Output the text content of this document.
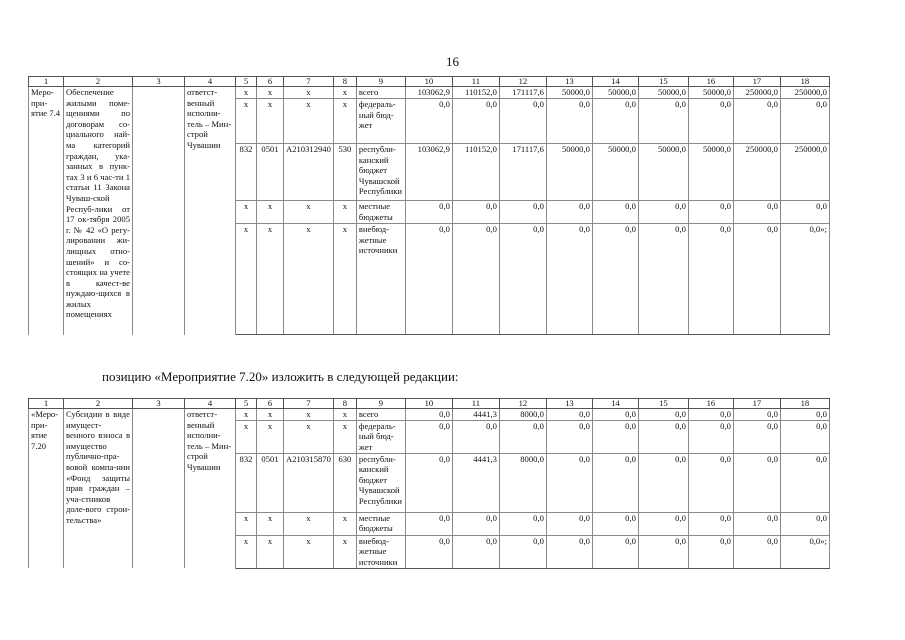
16
1	2	3	4	5	6	7	8	9	10	11	12	13	14	15	16	17	18
Меро-при-ятие 7.4	Обеспечение жилыми поме-щениями по договорам со-циального най-ма категорий граждан, ука-занных в пунк-тах 3 и 6 час-ти 1 статьи 11 Закона Чуваш-ской Респуб-лики от 17 ок-тября 2005 г. № 42 «О регу-лировании жи-лищных отно-шений» и со-стоящих на учете в качест-ве нуждаю-щихся в жилых помещениях		ответст-венный исполни-тель – Мин-строй Чувашии	x	x	x	x	всего	103062,9	110152,0	171117,6	50000,0	50000,0	50000,0	50000,0	250000,0	250000,0
				x	x	x	x	федераль-ный бюд-жет	0,0	0,0	0,0	0,0	0,0	0,0	0,0	0,0	0,0
				832	0501	A210312940	530	республи-канский бюджет Чувашской Республики	103062,9	110152,0	171117,6	50000,0	50000,0	50000,0	50000,0	250000,0	250000,0
				x	x	x	x	местные бюджеты	0,0	0,0	0,0	0,0	0,0	0,0	0,0	0,0	0,0
				x	x	x	x	внебюд-жетные источники	0,0	0,0	0,0	0,0	0,0	0,0	0,0	0,0	0,0»;
позицию «Мероприятие 7.20» изложить в следующей редакции:
1	2	3	4	5	6	7	8	9	10	11	12	13	14	15	16	17	18
«Меро-при-ятие 7.20	Субсидии в виде имущест-венного взноса в имущество публично-пра-вовой компа-нии «Фонд защиты прав граждан – уча-стников доле-вого строи-тельства»		ответст-венный исполни-тель – Мин-строй Чувашии	x	x	x	x	всего	0,0	4441,3	8000,0	0,0	0,0	0,0	0,0	0,0	0,0
				x	x	x	x	федераль-ный бюд-жет	0,0	0,0	0,0	0,0	0,0	0,0	0,0	0,0	0,0
				832	0501	A210315870	630	республи-канский бюджет Чувашской Республики	0,0	4441,3	8000,0	0,0	0,0	0,0	0,0	0,0	0,0
				x	x	x	x	местные бюджеты	0,0	0,0	0,0	0,0	0,0	0,0	0,0	0,0	0,0
				x	x	x	x	внебюд-жетные источники	0,0	0,0	0,0	0,0	0,0	0,0	0,0	0,0	0,0»;
